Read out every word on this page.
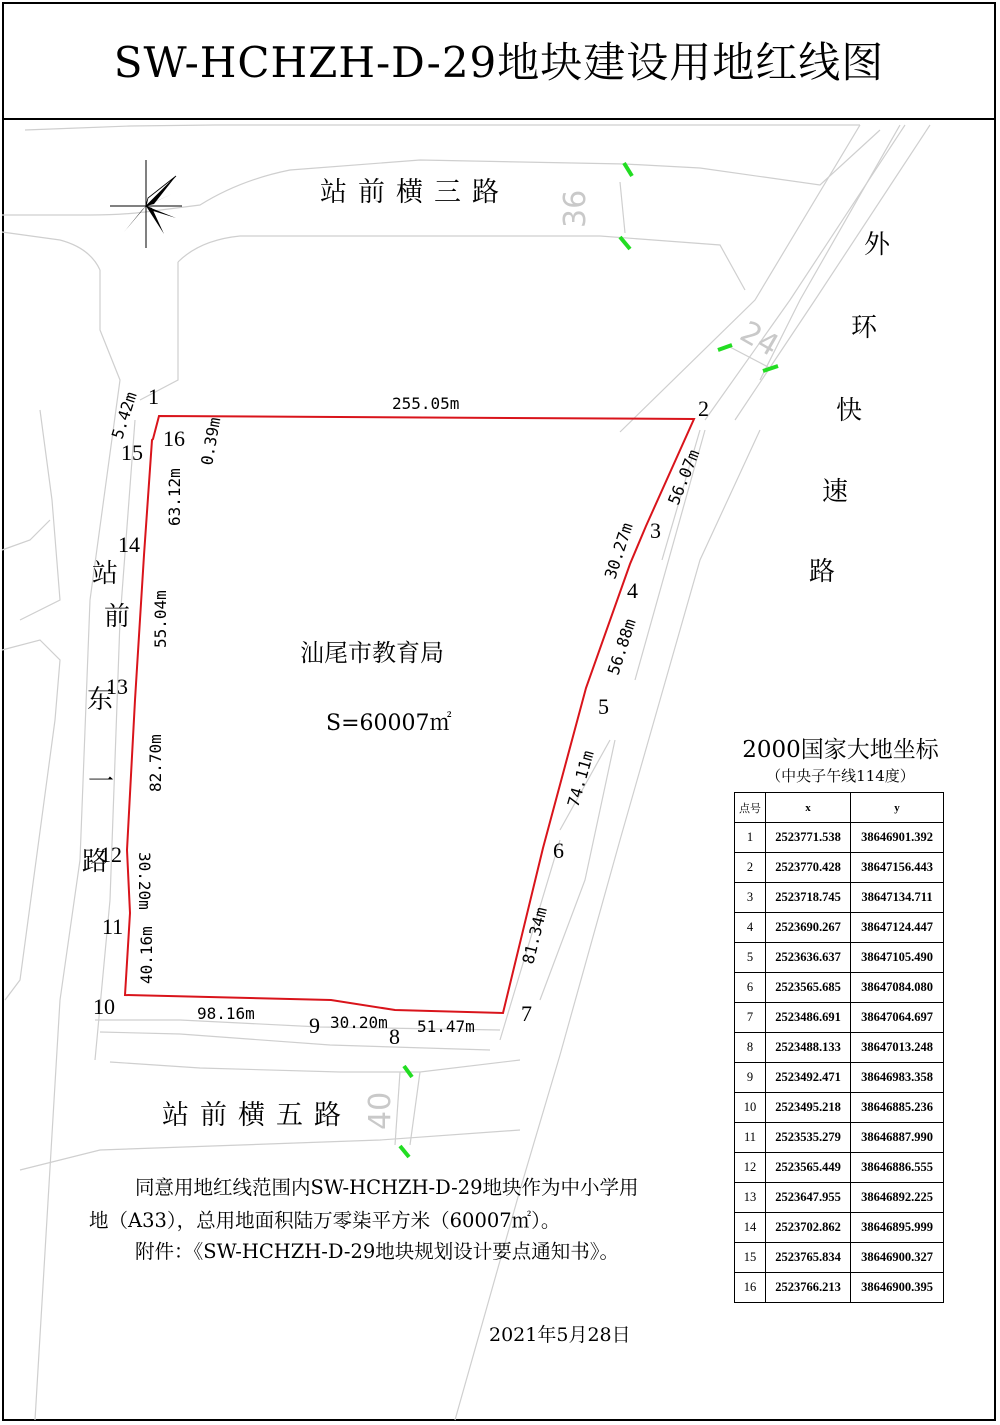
SW-HCHZH-D-29地块建设用地红线图
36
24
40
1	2
3
4
5
6
7
8
9
10
11
12
13
14
15
16
255.05m
56.07m
30.27m
56.88m
74.11m
81.34m
51.47m
30.20m
98.16m
40.16m
30.20m
82.70m
55.04m
63.12m
0.39m
5.42m
站前横三路
站前横五路
外
环
快
速
路
站
前
东
一
路
汕尾市教育局
S=60007㎡
2000国家大地坐标
（中央子午线114度）
点号	x	y
1	2523771.538	38646901.392
2	2523770.428	38647156.443
3	2523718.745	38647134.711
4	2523690.267	38647124.447
5	2523636.637	38647105.490
6	2523565.685	38647084.080
7	2523486.691	38647064.697
8	2523488.133	38647013.248
9	2523492.471	38646983.358
10	2523495.218	38646885.236
11	2523535.279	38646887.990
12	2523565.449	38646886.555
13	2523647.955	38646892.225
14	2523702.862	38646895.999
15	2523765.834	38646900.327
16	2523766.213	38646900.395
同意用地红线范围内SW-HCHZH-D-29地块作为中小学用
地（A33），总用地面积陆万零柒平方米（60007㎡）。
附件：《SW-HCHZH-D-29地块规划设计要点通知书》。
2021年5月28日
